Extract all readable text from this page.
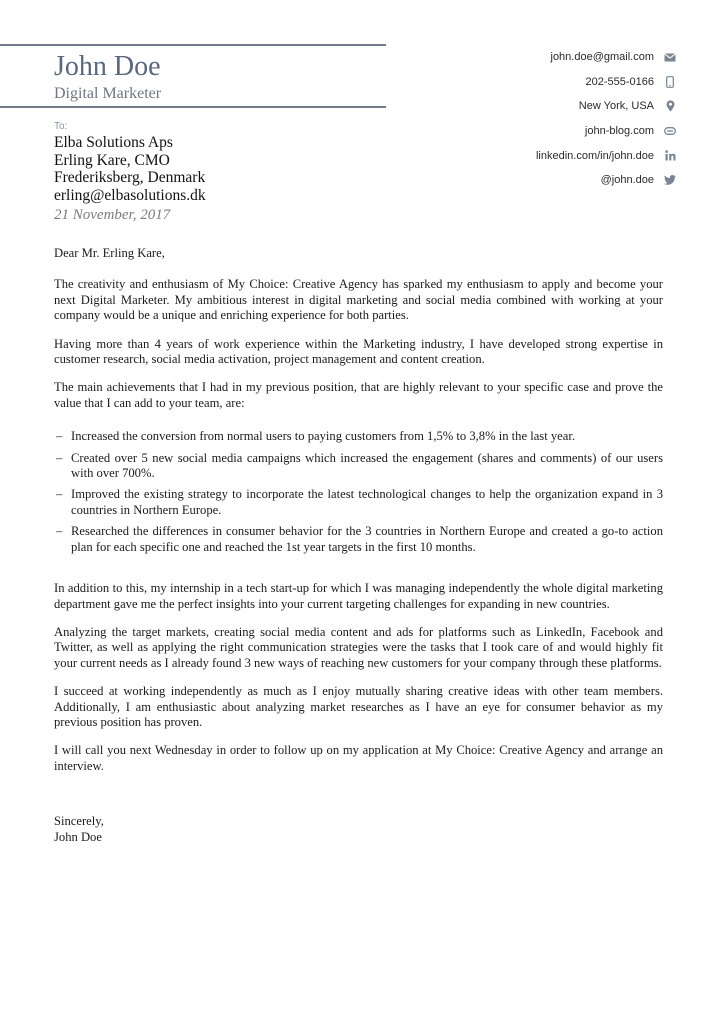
John Doe
Digital Marketer
john.doe@gmail.com
202-555-0166
New York, USA
john-blog.com
linkedin.com/in/john.doe
@john.doe
To:
Elba Solutions Aps
Erling Kare, CMO
Frederiksberg, Denmark
erling@elbasolutions.dk
21 November, 2017

Dear Mr. Erling Kare,

The creativity and enthusiasm of My Choice: Creative Agency has sparked my enthusiasm to apply and become your next Digital Marketer. My ambitious interest in digital marketing and social media combined with working at your company would be a unique and enriching experience for both parties.

Having more than 4 years of work experience within the Marketing industry, I have developed strong expertise in customer research, social media activation, project management and content creation.

The main achievements that I had in my previous position, that are highly relevant to your specific case and prove the value that I can add to your team, are:

– Increased the conversion from normal users to paying customers from 1,5% to 3,8% in the last year.
– Created over 5 new social media campaigns which increased the engagement (shares and comments) of our users with over 700%.
– Improved the existing strategy to incorporate the latest technological changes to help the organization expand in 3 countries in Northern Europe.
– Researched the differences in consumer behavior for the 3 countries in Northern Europe and created a go-to action plan for each specific one and reached the 1st year targets in the first 10 months.

In addition to this, my internship in a tech start-up for which I was managing independently the whole digital marketing department gave me the perfect insights into your current targeting challenges for expanding in new countries.

Analyzing the target markets, creating social media content and ads for platforms such as LinkedIn, Facebook and Twitter, as well as applying the right communication strategies were the tasks that I took care of and would highly fit your current needs as I already found 3 new ways of reaching new customers for your company through these platforms.

I succeed at working independently as much as I enjoy mutually sharing creative ideas with other team members. Additionally, I am enthusiastic about analyzing market researches as I have an eye for consumer behavior as my previous position has proven.

I will call you next Wednesday in order to follow up on my application at My Choice: Creative Agency and arrange an interview.

Sincerely,
John Doe
